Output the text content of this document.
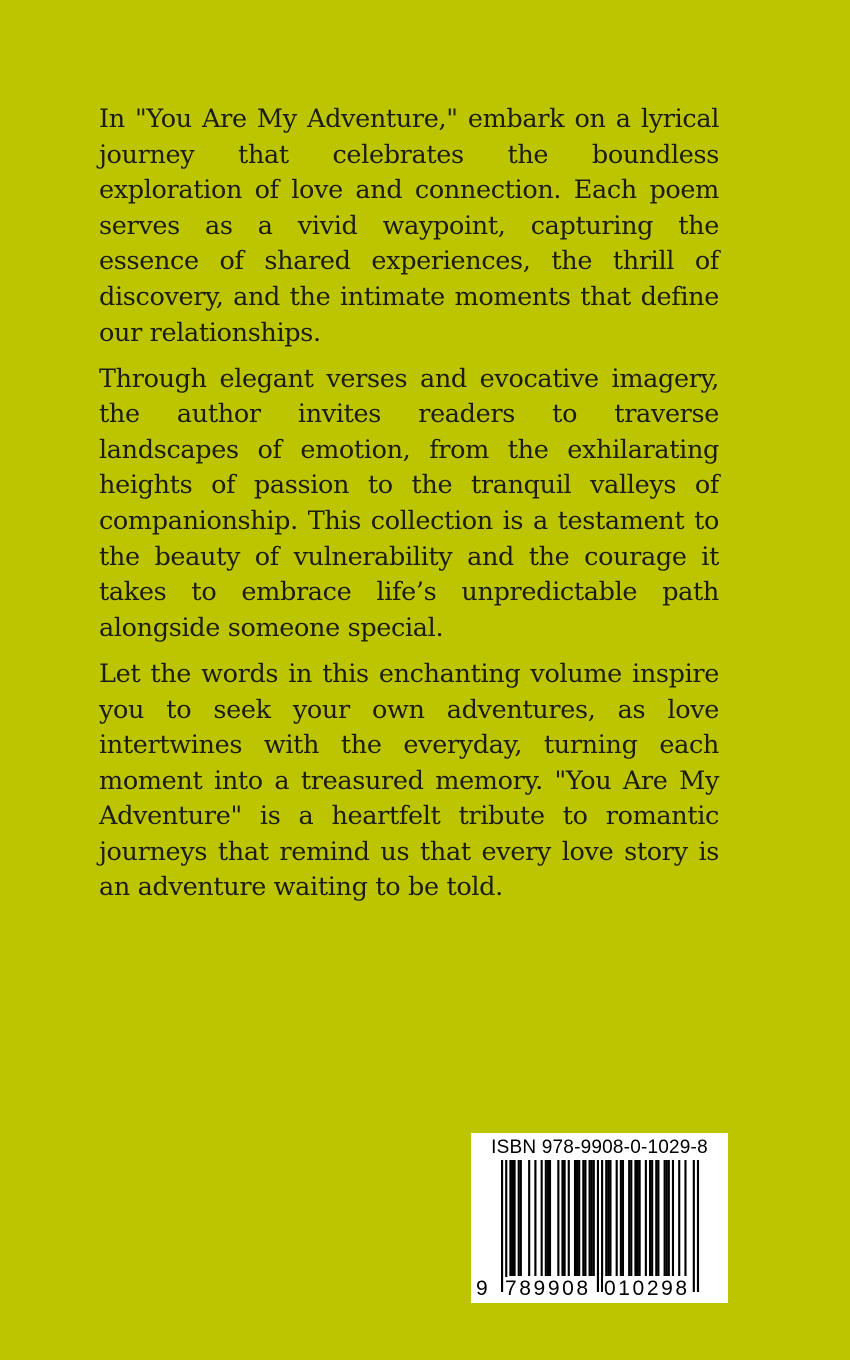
In "You Are My Adventure," embark on a lyrical journey that celebrates the boundless exploration of love and connection. Each poem serves as a vivid waypoint, capturing the essence of shared experiences, the thrill of discovery, and the intimate moments that define our relationships.

Through elegant verses and evocative imagery, the author invites readers to traverse landscapes of emotion, from the exhilarating heights of passion to the tranquil valleys of companionship. This collection is a testament to the beauty of vulnerability and the courage it takes to embrace life’s unpredictable path alongside someone special.

Let the words in this enchanting volume inspire you to seek your own adventures, as love intertwines with the everyday, turning each moment into a treasured memory. "You Are My Adventure" is a heartfelt tribute to romantic journeys that remind us that every love story is an adventure waiting to be told.

ISBN 978-9908-0-1029-8
9 789908 010298
